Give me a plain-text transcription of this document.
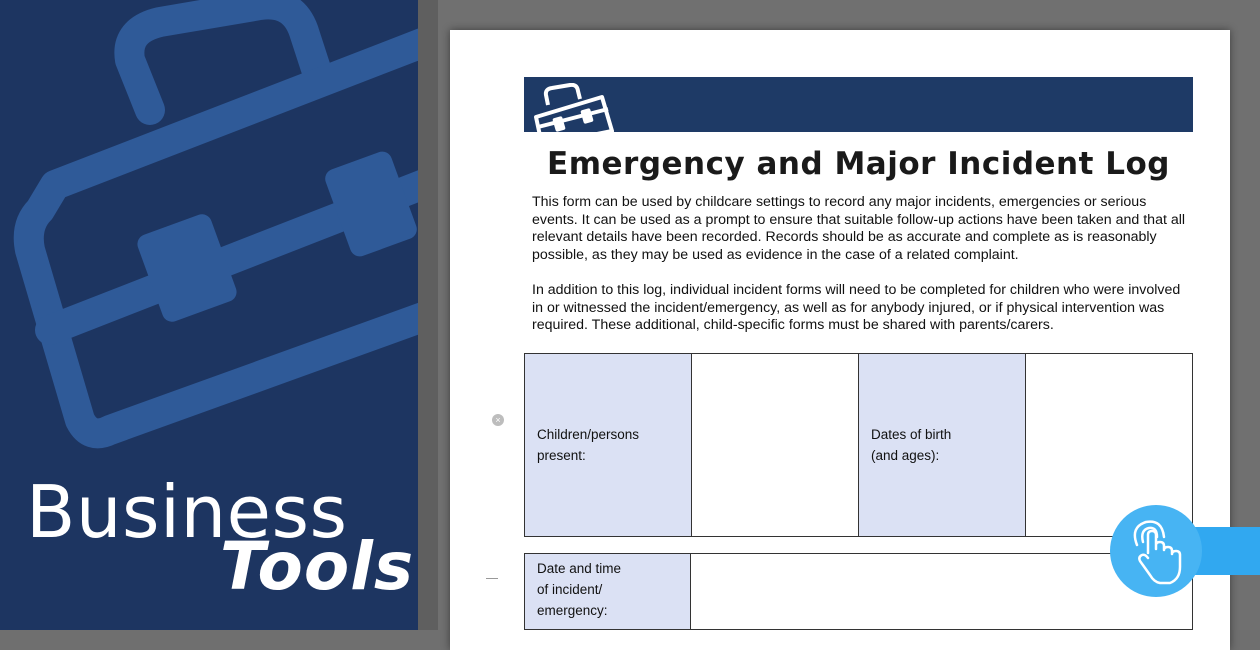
Business
Tools
Emergency and Major Incident Log
This form can be used by childcare settings to record any major incidents, emergencies or serious events. It can be used as a prompt to ensure that suitable follow-up actions have been taken and that all relevant details have been recorded. Records should be as accurate and complete as is reasonably possible, as they may be used as evidence in the case of a related complaint.
In addition to this log, individual incident forms will need to be completed for children who were involved in or witnessed the incident/emergency, as well as for anybody injured, or if physical intervention was required. These additional, child-specific forms must be shared with parents/carers.
Children/persons
present:
Dates of birth
(and ages):
Date and time
of incident/
emergency:
×
